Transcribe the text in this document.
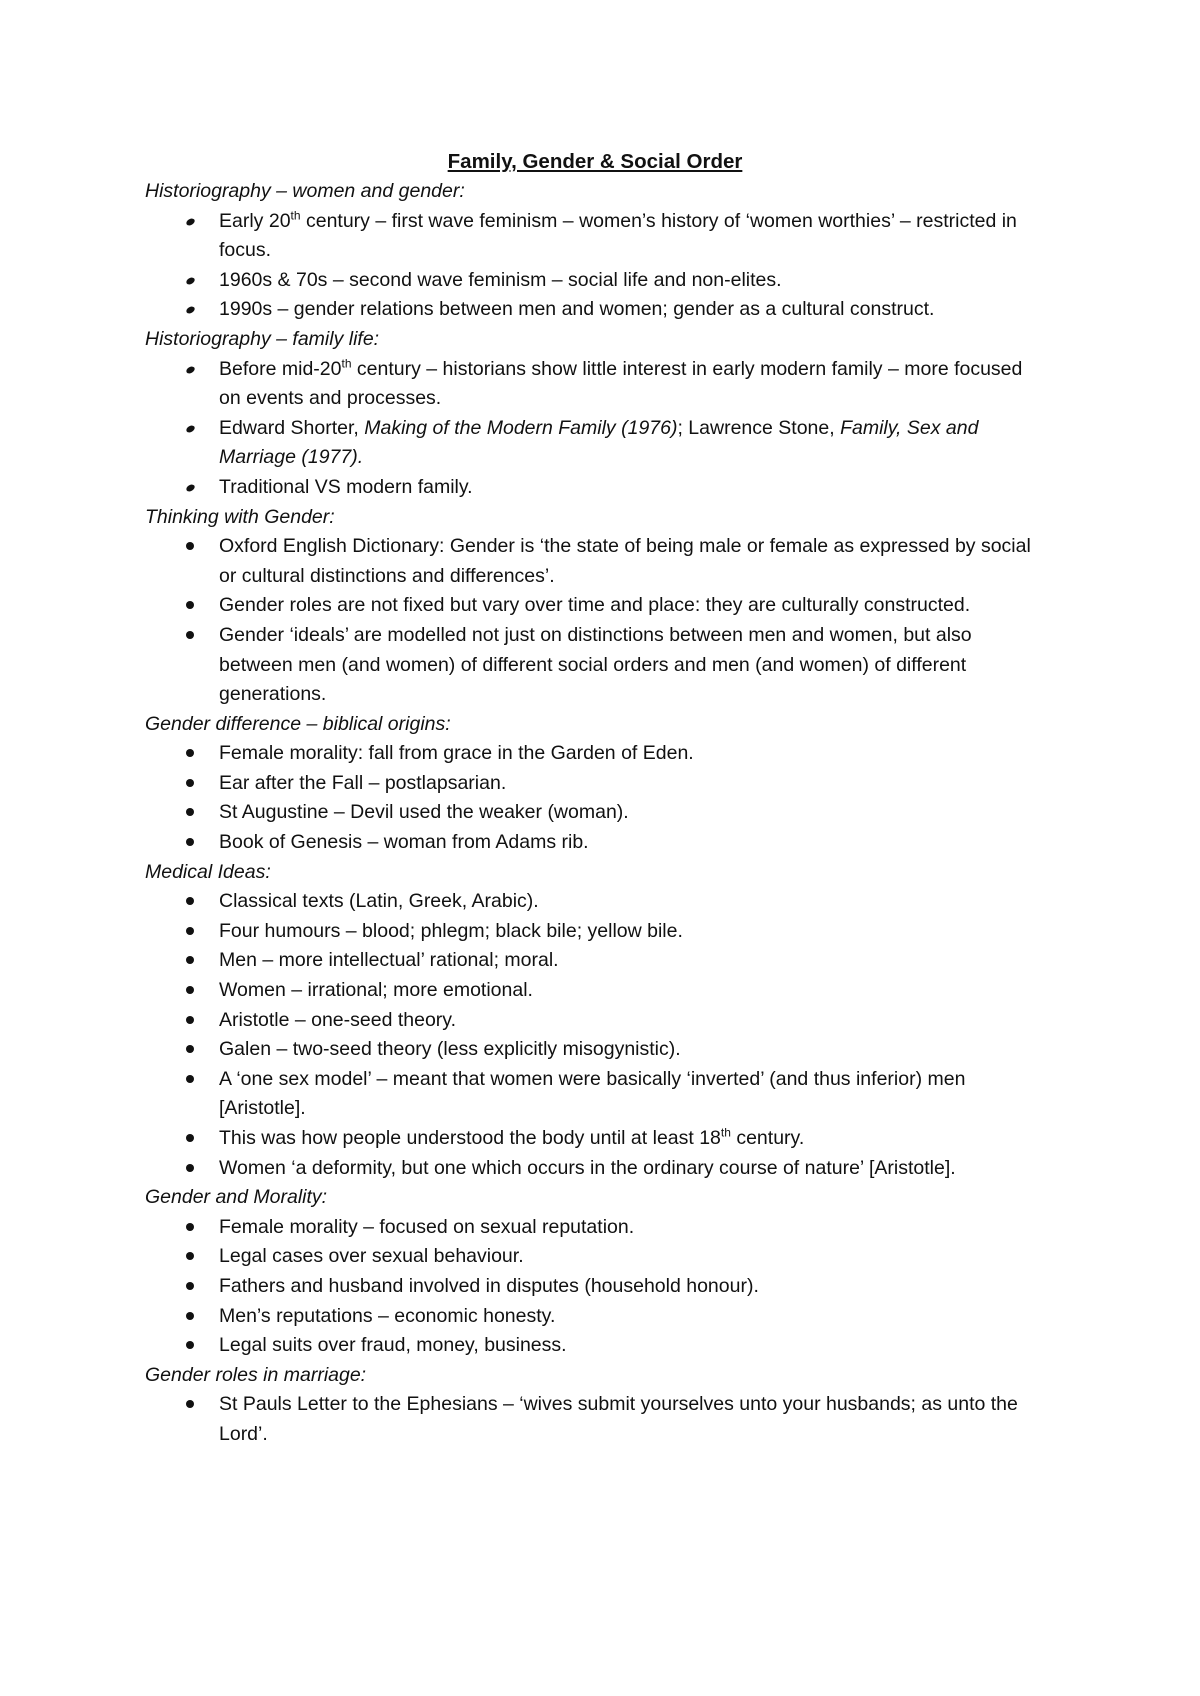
Family, Gender & Social Order
Historiography – women and gender:
Early 20th century – first wave feminism – women’s history of ‘women worthies’ – restricted in focus.
1960s & 70s – second wave feminism – social life and non-elites.
1990s – gender relations between men and women; gender as a cultural construct.
Historiography – family life:
Before mid-20th century – historians show little interest in early modern family – more focused on events and processes.
Edward Shorter, Making of the Modern Family (1976); Lawrence Stone, Family, Sex and Marriage (1977).
Traditional VS modern family.
Thinking with Gender:
Oxford English Dictionary: Gender is ‘the state of being male or female as expressed by social or cultural distinctions and differences’.
Gender roles are not fixed but vary over time and place: they are culturally constructed.
Gender ‘ideals’ are modelled not just on distinctions between men and women, but also between men (and women) of different social orders and men (and women) of different generations.
Gender difference – biblical origins:
Female morality: fall from grace in the Garden of Eden.
Ear after the Fall – postlapsarian.
St Augustine – Devil used the weaker (woman).
Book of Genesis – woman from Adams rib.
Medical Ideas:
Classical texts (Latin, Greek, Arabic).
Four humours – blood; phlegm; black bile; yellow bile.
Men – more intellectual’ rational; moral.
Women – irrational; more emotional.
Aristotle – one-seed theory.
Galen – two-seed theory (less explicitly misogynistic).
A ‘one sex model’ – meant that women were basically ‘inverted’ (and thus inferior) men [Aristotle].
This was how people understood the body until at least 18th century.
Women ‘a deformity, but one which occurs in the ordinary course of nature’ [Aristotle].
Gender and Morality:
Female morality – focused on sexual reputation.
Legal cases over sexual behaviour.
Fathers and husband involved in disputes (household honour).
Men’s reputations – economic honesty.
Legal suits over fraud, money, business.
Gender roles in marriage:
St Pauls Letter to the Ephesians – ‘wives submit yourselves unto your husbands; as unto the Lord’.
